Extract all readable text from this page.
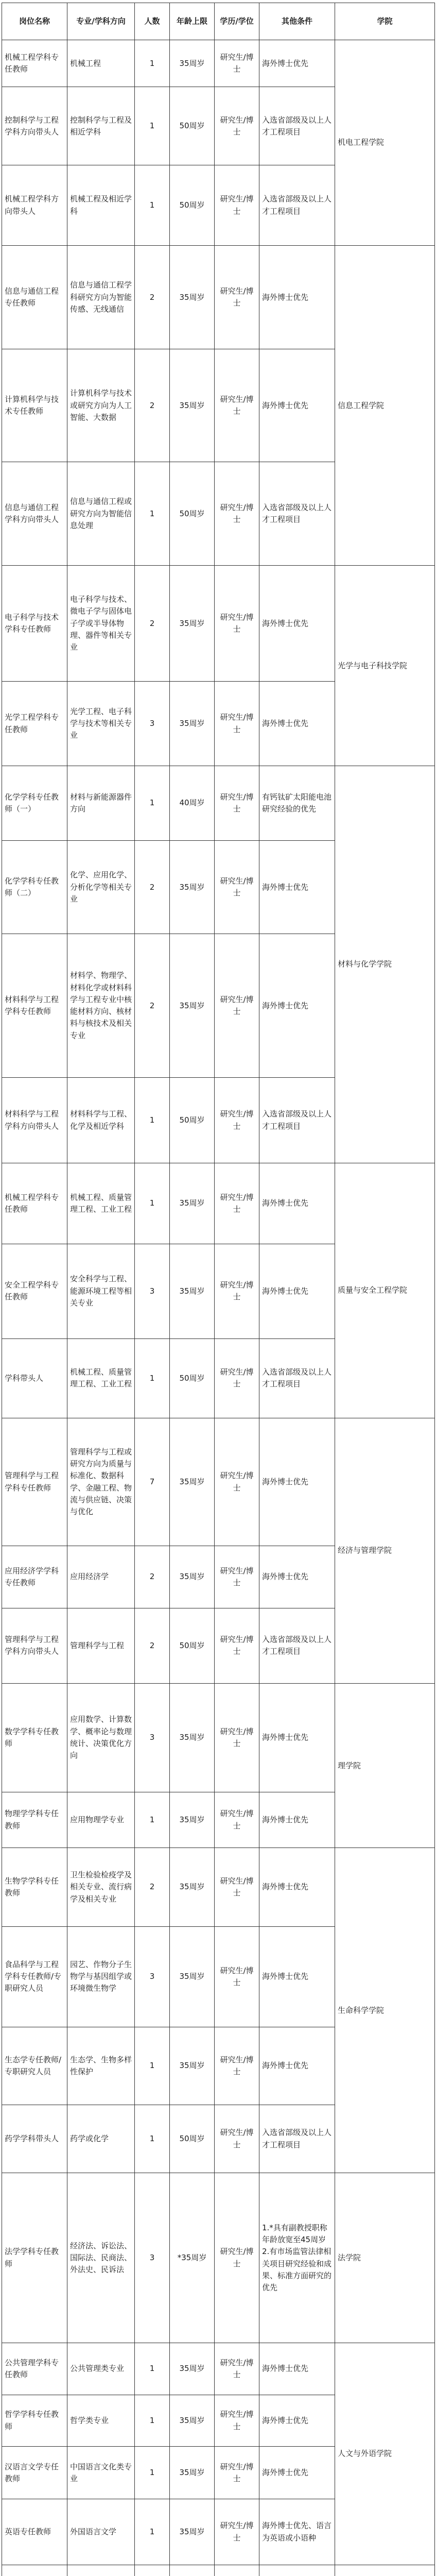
岗位名称	专业/学科方向	人数	年龄上限	学历/学位	其他条件	学院
机械工程学科专任教师	机械工程	1	35周岁	研究生/博士	海外博士优先	机电工程学院
控制科学与工程学科方向带头人	控制科学与工程及相近学科	1	50周岁	研究生/博士	入选省部级及以上人才工程项目	
机械工程学科方向带头人	机械工程及相近学科	1	50周岁	研究生/博士	入选省部级及以上人才工程项目	
信息与通信工程专任教师	信息与通信工程学科研究方向为智能传感、无线通信	2	35周岁	研究生/博士	海外博士优先	信息工程学院
计算机科学与技术专任教师	计算机科学与技术或研究方向为人工智能、大数据	2	35周岁	研究生/博士	海外博士优先	
信息与通信工程学科方向带头人	信息与通信工程或研究方向为智能信息处理	1	50周岁	研究生/博士	入选省部级及以上人才工程项目	
电子科学与技术学科专任教师	电子科学与技术、微电子学与固体电子学或半导体物理、器件等相关专业	2	35周岁	研究生/博士	海外博士优先	光学与电子科技学院
光学工程学科专任教师	光学工程、电子科学与技术等相关专业	3	35周岁	研究生/博士	海外博士优先	
化学学科专任教师（一）	材料与新能源器件方向	1	40周岁	研究生/博士	有钙钛矿太阳能电池研究经验的优先	材料与化学学院
化学学科专任教师（二）	化学、应用化学、分析化学等相关专业	2	35周岁	研究生/博士	海外博士优先	
材料科学与工程学科专任教师	材料学、物理学、材料化学或材料科学与工程专业中核能材料方向、核材料与核技术及相关专业	2	35周岁	研究生/博士	海外博士优先	
材料科学与工程学科方向带头人	材料科学与工程、化学及相近学科	1	50周岁	研究生/博士	入选省部级及以上人才工程项目	
机械工程学科专任教师	机械工程、质量管理工程、工业工程	1	35周岁	研究生/博士	海外博士优先	质量与安全工程学院
安全工程学科专任教师	安全科学与工程、能源环境工程等相关专业	3	35周岁	研究生/博士	海外博士优先	
学科带头人	机械工程、质量管理工程、工业工程	1	50周岁	研究生/博士	入选省部级及以上人才工程项目	
管理科学与工程学科专任教师	管理科学与工程或研究方向为质量与标准化、数据科学、金融工程、物流与供应链、决策与优化	7	35周岁	研究生/博士	海外博士优先	经济与管理学院
应用经济学学科专任教师	应用经济学	2	35周岁	研究生/博士	海外博士优先	
管理科学与工程学科方向带头人	管理科学与工程	2	50周岁	研究生/博士	入选省部级及以上人才工程项目	
数学学科专任教师	应用数学、计算数学、概率论与数理统计、决策优化方向	3	35周岁	研究生/博士	海外博士优先	理学院
物理学学科专任教师	应用物理学专业	1	35周岁	研究生/博士	海外博士优先	
生物学学科专任教师	卫生检验检疫学及相关专业、流行病学及相关专业	2	35周岁	研究生/博士	海外博士优先	生命科学学院
食品科学与工程学科专任教师/专职研究人员	园艺、作物分子生物学与基因组学或环境微生物学	3	35周岁	研究生/博士	海外博士优先	
生态学专任教师/专职研究人员	生态学、生物多样性保护	1	35周岁	研究生/博士	海外博士优先	
药学学科带头人	药学或化学	1	50周岁	研究生/博士	入选省部级及以上人才工程项目	
法学学科专任教师	经济法、诉讼法、国际法、民商法、外法史、民诉法	3	*35周岁	研究生/博士	1.*具有副教授职称年龄放宽至45周岁 2.有市场监管法律相关项目研究经验和成果、标准方面研究的优先	法学院
公共管理学科专任教师	公共管理类专业	1	35周岁	研究生/博士	海外博士优先	人文与外语学院
哲学学科专任教师	哲学类专业	1	35周岁	研究生/博士	海外博士优先	
汉语言文学专任教师	中国语言文化类专业	1	35周岁	研究生/博士	海外博士优先	
英语专任教师	外国语言文学	1	35周岁	研究生/博士	海外博士优先、语言为英语或小语种	
